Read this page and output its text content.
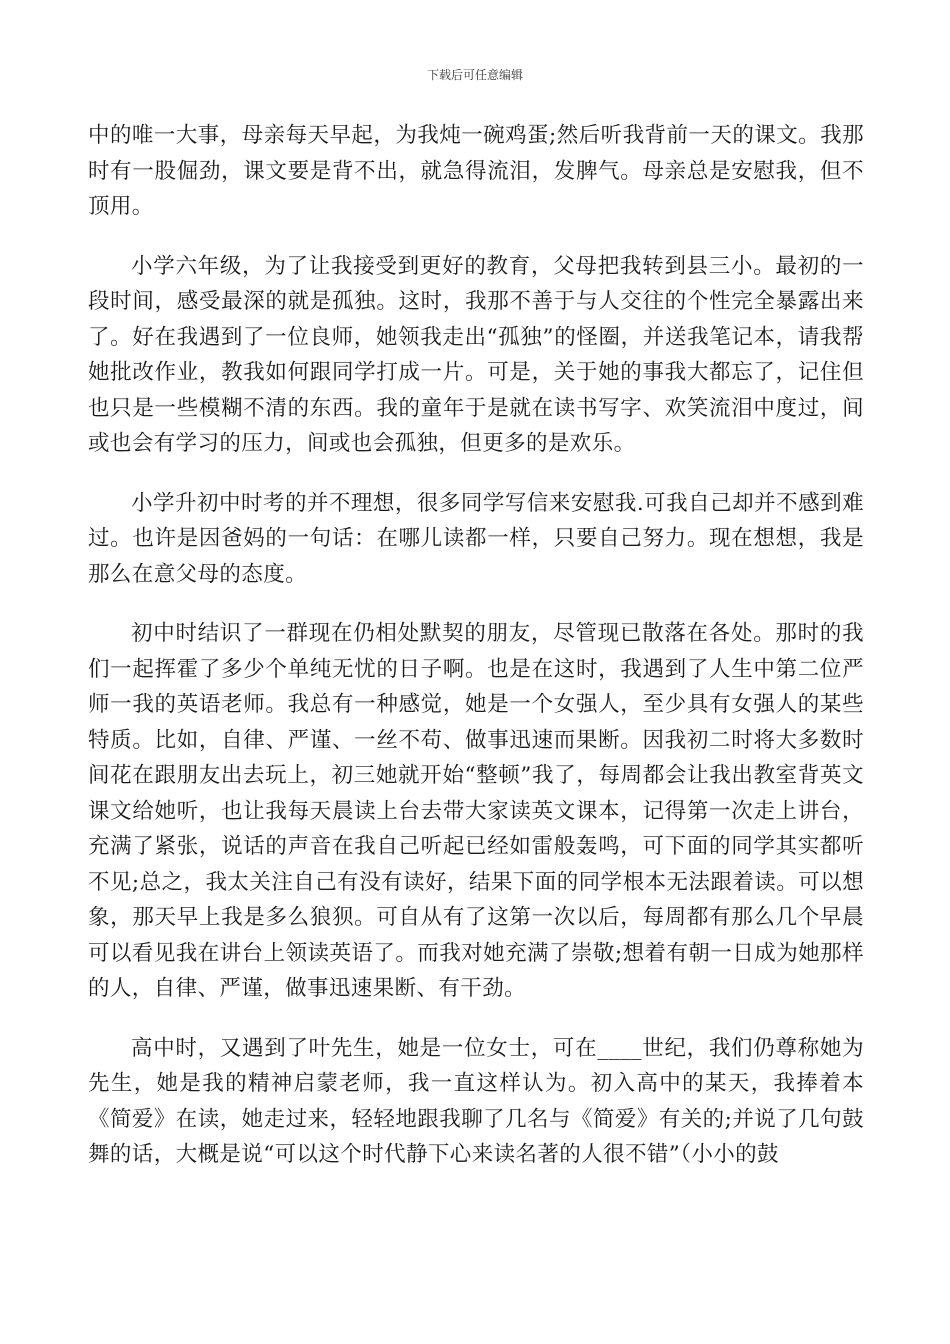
下载后可任意编辑

中的唯一大事，母亲每天早起，为我炖一碗鸡蛋;然后听我背前一天的课文。我那时有一股倔劲，课文要是背不出，就急得流泪，发脾气。母亲总是安慰我，但不顶用。

小学六年级，为了让我接受到更好的教育，父母把我转到县三小。最初的一段时间，感受最深的就是孤独。这时，我那不善于与人交往的个性完全暴露出来了。好在我遇到了一位良师，她领我走出“孤独”的怪圈，并送我笔记本，请我帮她批改作业，教我如何跟同学打成一片。可是，关于她的事我大都忘了，记住但也只是一些模糊不清的东西。我的童年于是就在读书写字、欢笑流泪中度过，间或也会有学习的压力，间或也会孤独，但更多的是欢乐。

小学升初中时考的并不理想，很多同学写信来安慰我.可我自己却并不感到难过。也许是因爸妈的一句话：在哪儿读都一样，只要自己努力。现在想想，我是那么在意父母的态度。

初中时结识了一群现在仍相处默契的朋友，尽管现已散落在各处。那时的我们一起挥霍了多少个单纯无忧的日子啊。也是在这时，我遇到了人生中第二位严师一我的英语老师。我总有一种感觉，她是一个女强人，至少具有女强人的某些特质。比如，自律、严谨、一丝不苟、做事迅速而果断。因我初二时将大多数时间花在跟朋友出去玩上，初三她就开始“整顿”我了，每周都会让我出教室背英文课文给她听，也让我每天晨读上台去带大家读英文课本，记得第一次走上讲台，充满了紧张，说话的声音在我自己听起已经如雷般轰鸣，可下面的同学其实都听不见;总之，我太关注自己有没有读好，结果下面的同学根本无法跟着读。可以想象，那天早上我是多么狼狈。可自从有了这第一次以后，每周都有那么几个早晨可以看见我在讲台上领读英语了。而我对她充满了崇敬;想着有朝一日成为她那样的人，自律、严谨，做事迅速果断、有干劲。

高中时，又遇到了叶先生，她是一位女士，可在____世纪，我们仍尊称她为先生，她是我的精神启蒙老师，我一直这样认为。初入高中的某天，我捧着本《简爱》在读，她走过来，轻轻地跟我聊了几名与《简爱》有关的;并说了几句鼓舞的话，大概是说“可以这个时代静下心来读名著的人很不错”（小小的鼓
